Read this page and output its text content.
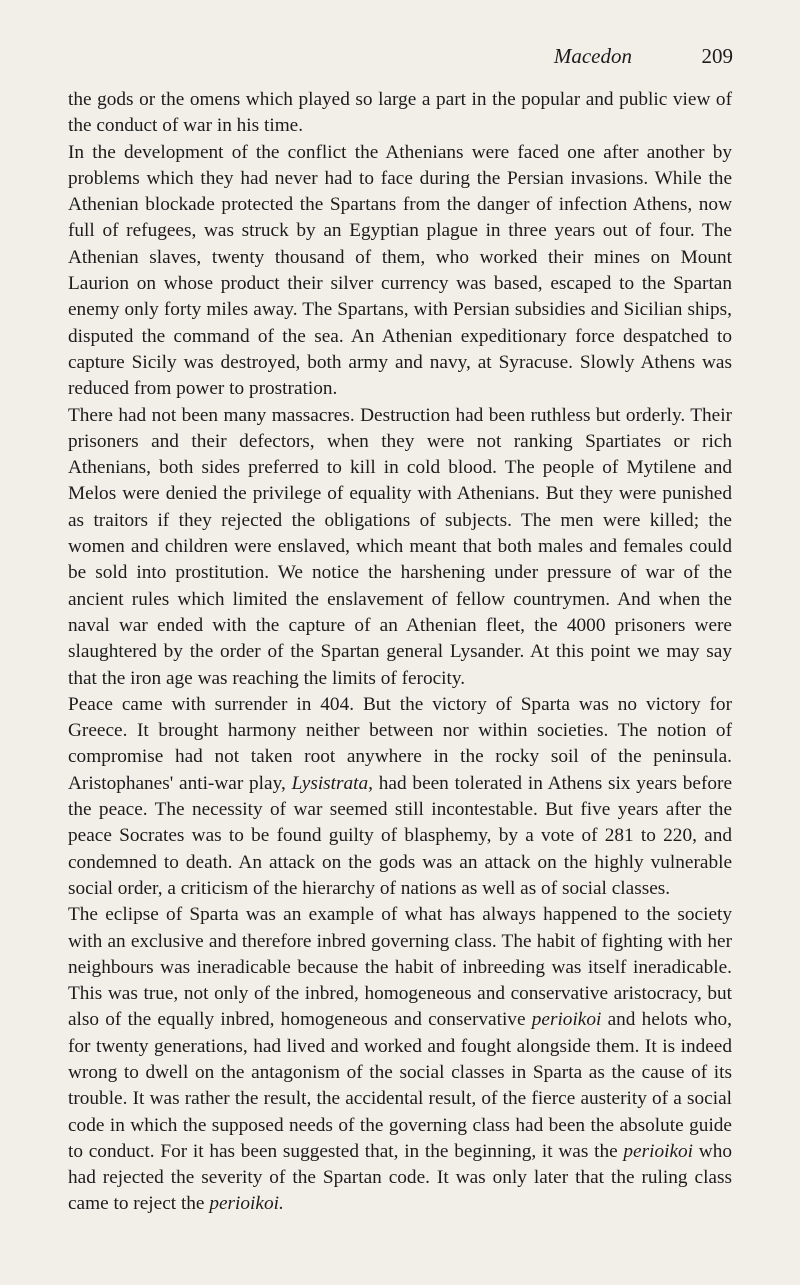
Macedon	209

the gods or the omens which played so large a part in the popular and public view of the conduct of war in his time.

In the development of the conflict the Athenians were faced one after another by problems which they had never had to face during the Persian invasions. While the Athenian blockade protected the Spartans from the danger of infection Athens, now full of refugees, was struck by an Egyptian plague in three years out of four. The Athenian slaves, twenty thousand of them, who worked their mines on Mount Laurion on whose product their silver currency was based, escaped to the Spartan enemy only forty miles away. The Spartans, with Persian subsidies and Sicilian ships, disputed the command of the sea. An Athenian expeditionary force despatched to capture Sicily was destroyed, both army and navy, at Syracuse. Slowly Athens was reduced from power to prostration.

There had not been many massacres. Destruction had been ruthless but orderly. Their prisoners and their defectors, when they were not ranking Spartiates or rich Athenians, both sides preferred to kill in cold blood. The people of Mytilene and Melos were denied the privilege of equality with Athenians. But they were punished as traitors if they rejected the obligations of subjects. The men were killed; the women and children were enslaved, which meant that both males and females could be sold into prostitution. We notice the harshening under pressure of war of the ancient rules which limited the enslavement of fellow countrymen. And when the naval war ended with the capture of an Athenian fleet, the 4000 prisoners were slaughtered by the order of the Spartan general Lysander. At this point we may say that the iron age was reaching the limits of ferocity.

Peace came with surrender in 404. But the victory of Sparta was no victory for Greece. It brought harmony neither between nor within societies. The notion of compromise had not taken root anywhere in the rocky soil of the peninsula. Aristophanes' anti-war play, Lysistrata, had been tolerated in Athens six years before the peace. The necessity of war seemed still incontestable. But five years after the peace Socrates was to be found guilty of blasphemy, by a vote of 281 to 220, and condemned to death. An attack on the gods was an attack on the highly vulnerable social order, a criticism of the hierarchy of nations as well as of social classes.

The eclipse of Sparta was an example of what has always happened to the society with an exclusive and therefore inbred governing class. The habit of fighting with her neighbours was ineradicable because the habit of inbreeding was itself ineradicable. This was true, not only of the inbred, homogeneous and conservative aristocracy, but also of the equally inbred, homogeneous and conservative perioikoi and helots who, for twenty generations, had lived and worked and fought alongside them. It is indeed wrong to dwell on the antagonism of the social classes in Sparta as the cause of its trouble. It was rather the result, the accidental result, of the fierce austerity of a social code in which the supposed needs of the governing class had been the absolute guide to conduct. For it has been suggested that, in the beginning, it was the perioikoi who had rejected the severity of the Spartan code. It was only later that the ruling class came to reject the perioikoi.
